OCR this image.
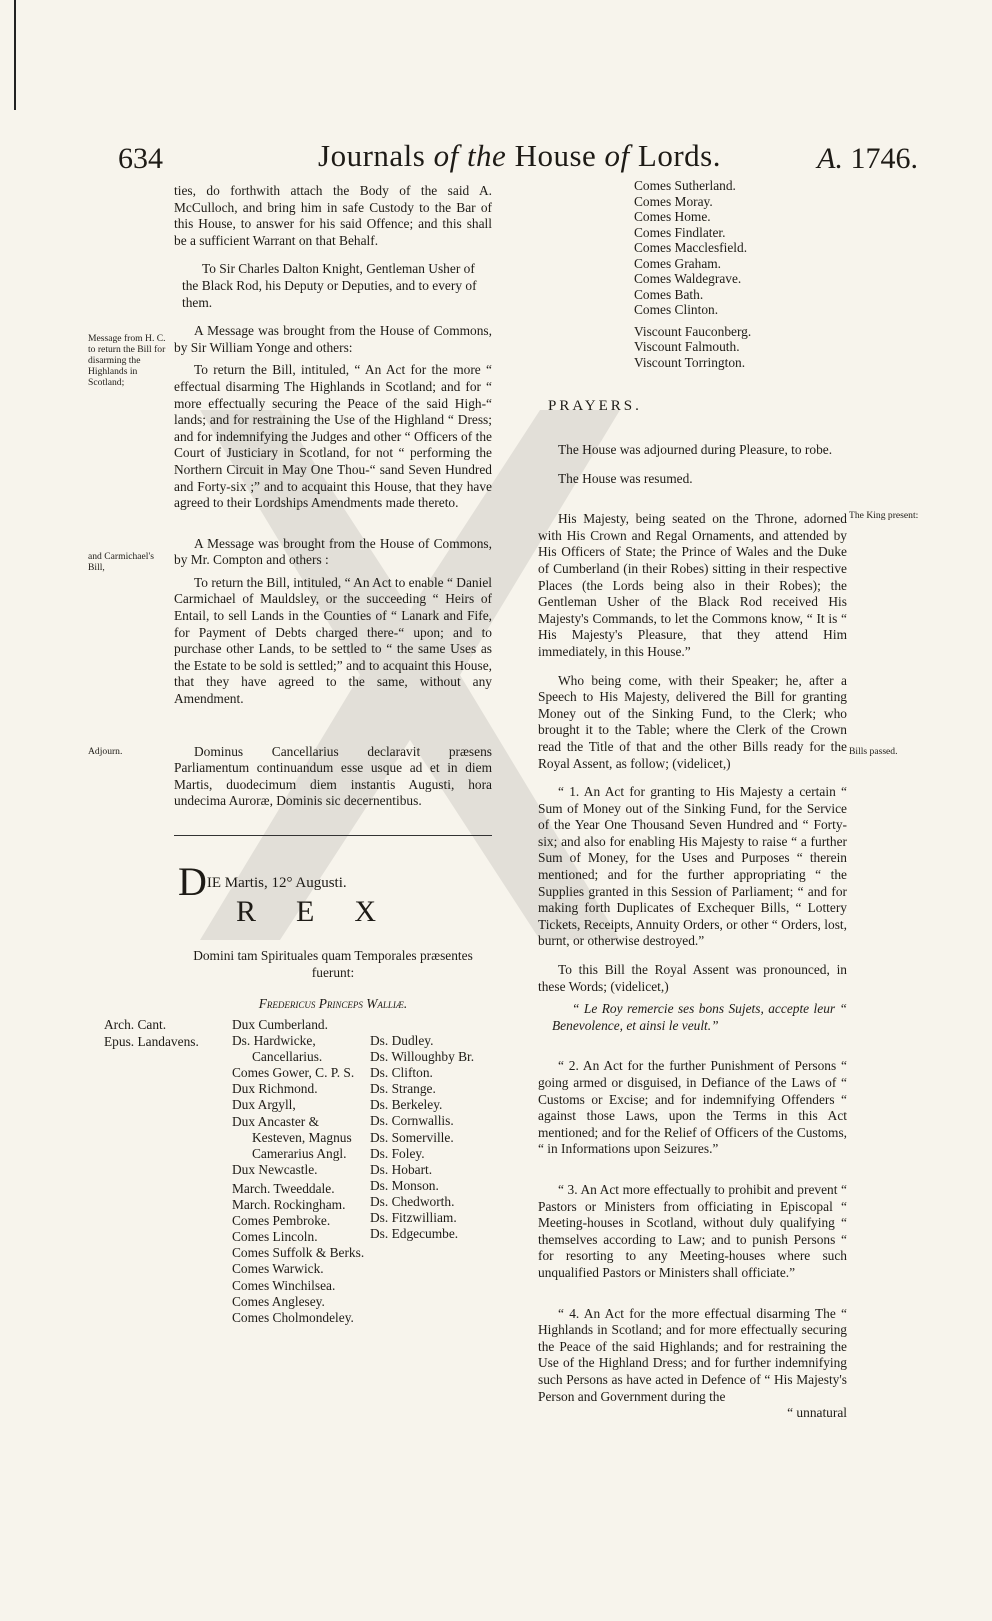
634	Journals of the House of Lords.	A. 1746.
Message from H. C. to return the Bill for disarming the Highlands in Scotland;
and Carmichael's Bill,
Adjourn.

ties, do forthwith attach the Body of the said A. McCulloch, and bring him in safe Custody to the Bar of this House, to answer for his said Offence; and this shall be a sufficient Warrant on that Behalf.

To Sir Charles Dalton Knight, Gentleman Usher of the Black Rod, his Deputy or Deputies, and to every of them.

A Message was brought from the House of Commons, by Sir William Yonge and others:

To return the Bill, intituled, “ An Act for the more “ effectual disarming The Highlands in Scotland; and for “ more effectually securing the Peace of the said High-“ lands; and for restraining the Use of the Highland “ Dress; and for indemnifying the Judges and other “ Officers of the Court of Justiciary in Scotland, for not “ performing the Northern Circuit in May One Thou-“ sand Seven Hundred and Forty-six ;” and to acquaint this House, that they have agreed to their Lordships Amendments made thereto.

A Message was brought from the House of Commons, by Mr. Compton and others :

To return the Bill, intituled, “ An Act to enable “ Daniel Carmichael of Mauldsley, or the succeeding “ Heirs of Entail, to sell Lands in the Counties of “ Lanark and Fife, for Payment of Debts charged there-“ upon; and to purchase other Lands, to be settled to “ the same Uses as the Estate to be sold is settled;” and to acquaint this House, that they have agreed to the same, without any Amendment.

Dominus Cancellarius declaravit præsens Parliamentum continuandum esse usque ad et in diem Martis, duodecimum diem instantis Augusti, hora undecima Auroræ, Dominis sic decernentibus.

DIE Martis, 12° Augusti.
REX
Domini tam Spirituales quam Temporales præsentes fuerunt:
Fredericus Princeps Walliæ.

Arch. Cant.

Epus. Landavens.

Dux Cumberland.

Ds. Hardwicke, Cancellarius.

Comes Gower, C. P. S.

Dux Richmond.

Dux Argyll,

Dux Ancaster & Kesteven, Magnus Camerarius Angl.

Dux Newcastle.

March. Tweeddale.

March. Rockingham.

Comes Pembroke.

Comes Lincoln.

Comes Suffolk & Berks.

Comes Warwick.

Comes Winchilsea.

Comes Anglesey.

Comes Cholmondeley.

Ds. Dudley.

Ds. Willoughby Br.

Ds. Clifton.

Ds. Strange.

Ds. Berkeley.

Ds. Cornwallis.

Ds. Somerville.

Ds. Foley.

Ds. Hobart.

Ds. Monson.

Ds. Chedworth.

Ds. Fitzwilliam.

Ds. Edgecumbe.

Comes Sutherland.

Comes Moray.

Comes Home.

Comes Findlater.

Comes Macclesfield.

Comes Graham.

Comes Waldegrave.

Comes Bath.

Comes Clinton.

Viscount Fauconberg.

Viscount Falmouth.

Viscount Torrington.

PRAYERS.
The King present:
Bills passed.

The House was adjourned during Pleasure, to robe.

The House was resumed.

His Majesty, being seated on the Throne, adorned with His Crown and Regal Ornaments, and attended by His Officers of State; the Prince of Wales and the Duke of Cumberland (in their Robes) sitting in their respective Places (the Lords being also in their Robes); the Gentleman Usher of the Black Rod received His Majesty's Commands, to let the Commons know, “ It is “ His Majesty's Pleasure, that they attend Him immediately, in this House.”

Who being come, with their Speaker; he, after a Speech to His Majesty, delivered the Bill for granting Money out of the Sinking Fund, to the Clerk; who brought it to the Table; where the Clerk of the Crown read the Title of that and the other Bills ready for the Royal Assent, as follow; (videlicet,)

“ 1. An Act for granting to His Majesty a certain “ Sum of Money out of the Sinking Fund, for the Service of the Year One Thousand Seven Hundred and “ Forty-six; and also for enabling His Majesty to raise “ a further Sum of Money, for the Uses and Purposes “ therein mentioned; and for the further appropriating “ the Supplies granted in this Session of Parliament; “ and for making forth Duplicates of Exchequer Bills, “ Lottery Tickets, Receipts, Annuity Orders, or other “ Orders, lost, burnt, or otherwise destroyed.”

To this Bill the Royal Assent was pronounced, in these Words; (videlicet,)

“ Le Roy remercie ses bons Sujets, accepte leur “ Benevolence, et ainsi le veult.”

“ 2. An Act for the further Punishment of Persons “ going armed or disguised, in Defiance of the Laws of “ Customs or Excise; and for indemnifying Offenders “ against those Laws, upon the Terms in this Act mentioned; and for the Relief of Officers of the Customs, “ in Informations upon Seizures.”

“ 3. An Act more effectually to prohibit and prevent “ Pastors or Ministers from officiating in Episcopal “ Meeting-houses in Scotland, without duly qualifying “ themselves according to Law; and to punish Persons “ for resorting to any Meeting-houses where such unqualified Pastors or Ministers shall officiate.”

“ 4. An Act for the more effectual disarming The “ Highlands in Scotland; and for more effectually securing the Peace of the said Highlands; and for restraining the Use of the Highland Dress; and for further indemnifying such Persons as have acted in Defence of “ His Majesty's Person and Government during the

“ unnatural
